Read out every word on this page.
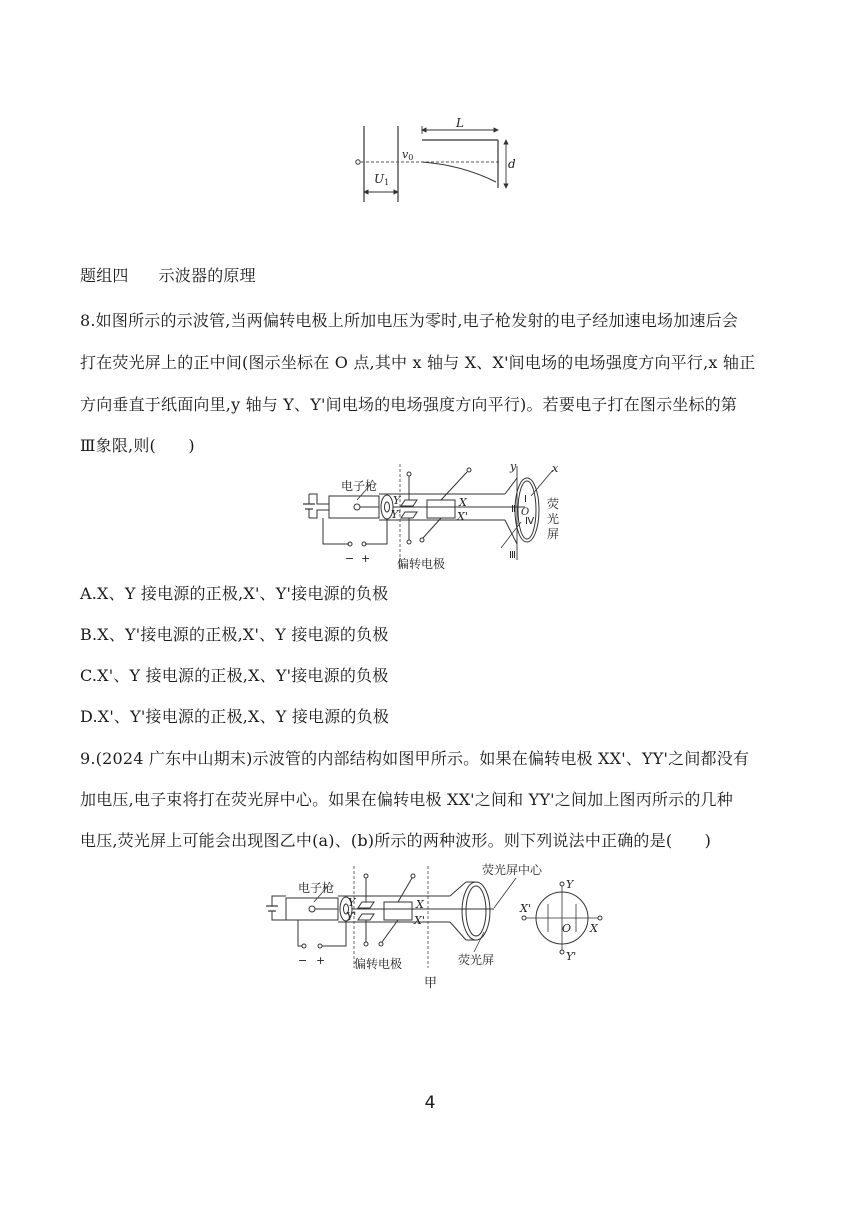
L
v0	d
U1
题组四 示波器的原理
8.如图所示的示波管,当两偏转电极上所加电压为零时,电子枪发射的电子经加速电场加速后会
打在荧光屏上的正中间(图示坐标在 O 点,其中 x 轴与 X、X'间电场的电场强度方向平行,x 轴正
方向垂直于纸面向里,y 轴与 Y、Y'间电场的电场强度方向平行)。若要电子打在图示坐标的第
Ⅲ象限,则(　　)
− +
Y
Y'
X
X'
电子枪
偏转电极
y	x
O
Ⅰ
Ⅱ
Ⅳ
Ⅲ
荧
光
屏
A.X、Y 接电源的正极,X'、Y'接电源的负极
B.X、Y'接电源的正极,X'、Y 接电源的负极
C.X'、Y 接电源的正极,X、Y'接电源的负极
D.X'、Y'接电源的正极,X、Y 接电源的负极
9.(2024 广东中山期末)示波管的内部结构如图甲所示。如果在偏转电极 XX'、YY'之间都没有
加电压,电子束将打在荧光屏中心。如果在偏转电极 XX'之间和 YY'之间加上图丙所示的几种
电压,荧光屏上可能会出现图乙中(a)、(b)所示的两种波形。则下列说法中正确的是(　　)
− +
电子枪
Y
Y'
X
X'
偏转电极	荧光屏
荧光屏中心
Y
Y'
X'
X
O
甲
4
